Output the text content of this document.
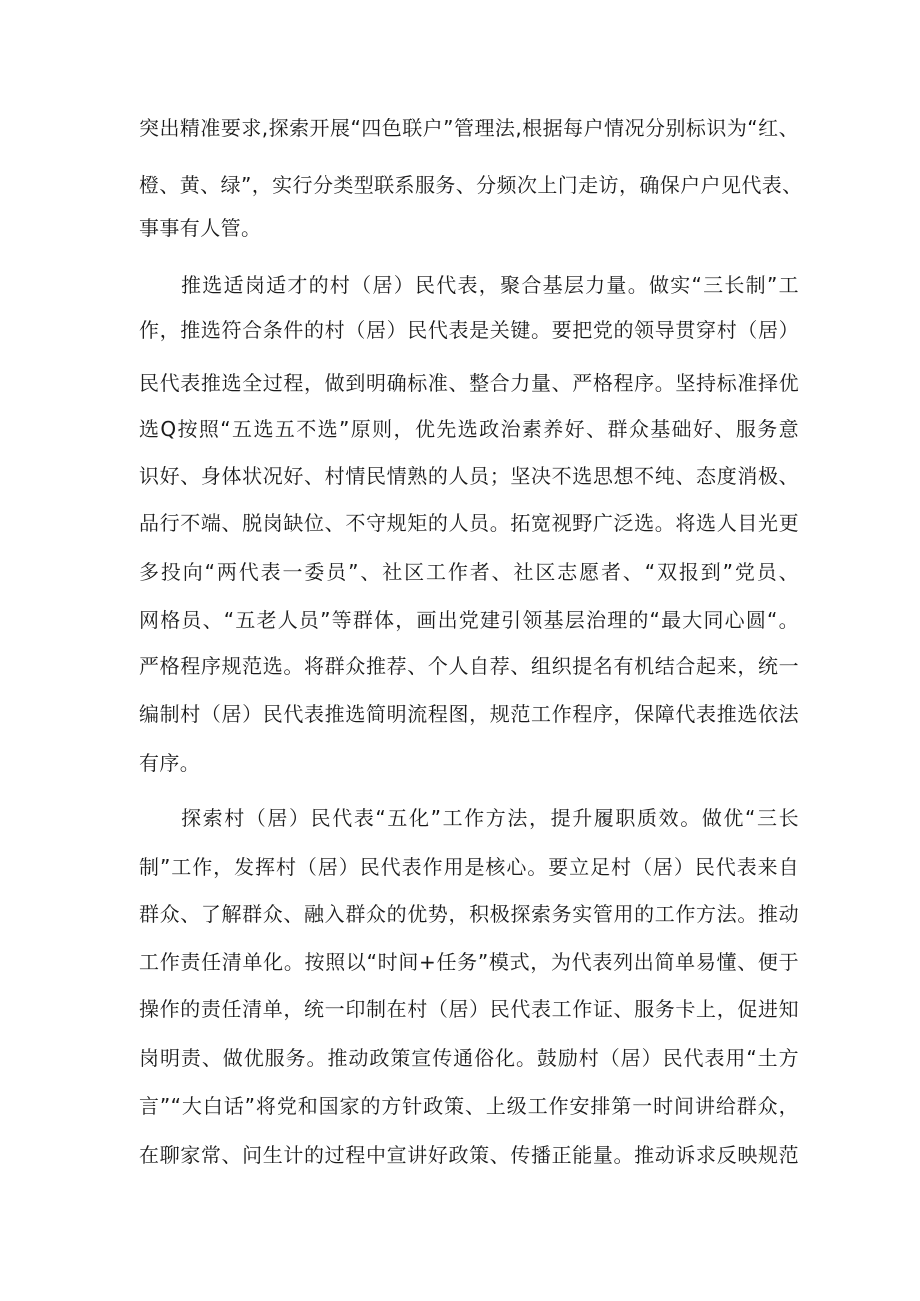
突出精准要求,探索开展“四色联户”管理法,根据每户情况分别标识为“红、
橙、黄、绿”，实行分类型联系服务、分频次上门走访，确保户户见代表、
事事有人管。
推选适岗适才的村（居）民代表，聚合基层力量。做实“三长制”工
作，推选符合条件的村（居）民代表是关键。要把党的领导贯穿村（居）
民代表推选全过程，做到明确标准、整合力量、严格程序。坚持标准择优
选Q按照“五选五不选”原则，优先选政治素养好、群众基础好、服务意
识好、身体状况好、村情民情熟的人员；坚决不选思想不纯、态度消极、
品行不端、脱岗缺位、不守规矩的人员。拓宽视野广泛选。将选人目光更
多投向“两代表一委员”、社区工作者、社区志愿者、“双报到”党员、
网格员、“五老人员”等群体，画出党建引领基层治理的“最大同心圆“。
严格程序规范选。将群众推荐、个人自荐、组织提名有机结合起来，统一
编制村（居）民代表推选简明流程图，规范工作程序，保障代表推选依法
有序。
探索村（居）民代表“五化”工作方法，提升履职质效。做优“三长
制”工作，发挥村（居）民代表作用是核心。要立足村（居）民代表来自
群众、了解群众、融入群众的优势，积极探索务实管用的工作方法。推动
工作责任清单化。按照以“时间+任务”模式，为代表列出简单易懂、便于
操作的责任清单，统一印制在村（居）民代表工作证、服务卡上，促进知
岗明责、做优服务。推动政策宣传通俗化。鼓励村（居）民代表用“土方
言”“大白话”将党和国家的方针政策、上级工作安排第一时间讲给群众，
在聊家常、问生计的过程中宣讲好政策、传播正能量。推动诉求反映规范
